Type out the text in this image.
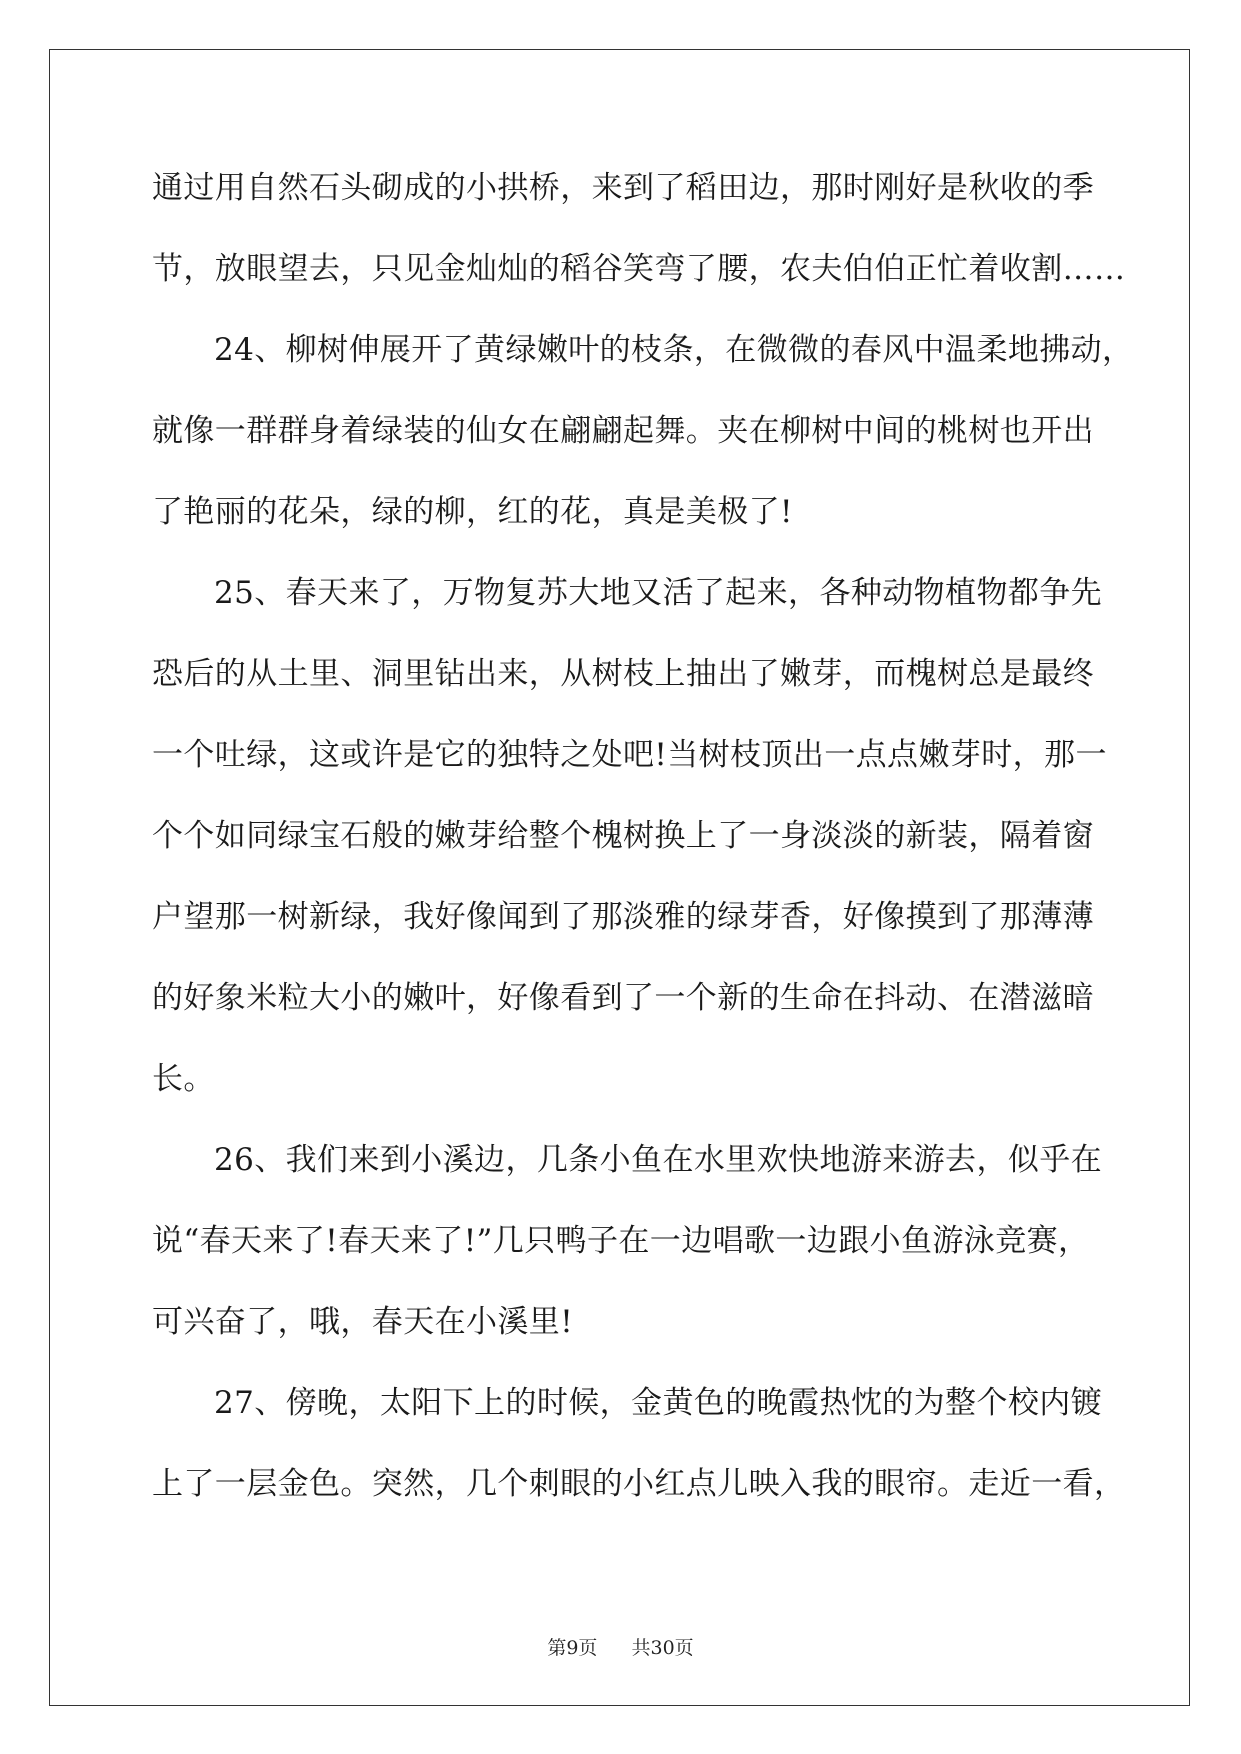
通过用自然石头砌成的小拱桥，来到了稻田边，那时刚好是秋收的季
节，放眼望去，只见金灿灿的稻谷笑弯了腰，农夫伯伯正忙着收割……
24、柳树伸展开了黄绿嫩叶的枝条，在微微的春风中温柔地拂动，
就像一群群身着绿装的仙女在翩翩起舞。夹在柳树中间的桃树也开出
了艳丽的花朵，绿的柳，红的花，真是美极了!
25、春天来了，万物复苏大地又活了起来，各种动物植物都争先
恐后的从土里、洞里钻出来，从树枝上抽出了嫩芽，而槐树总是最终
一个吐绿，这或许是它的独特之处吧!当树枝顶出一点点嫩芽时，那一
个个如同绿宝石般的嫩芽给整个槐树换上了一身淡淡的新装，隔着窗
户望那一树新绿，我好像闻到了那淡雅的绿芽香，好像摸到了那薄薄
的好象米粒大小的嫩叶，好像看到了一个新的生命在抖动、在潜滋暗
长。
26、我们来到小溪边，几条小鱼在水里欢快地游来游去，似乎在
说“春天来了!春天来了!”几只鸭子在一边唱歌一边跟小鱼游泳竞赛，
可兴奋了，哦，春天在小溪里!
27、傍晚，太阳下上的时候，金黄色的晚霞热忱的为整个校内镀
上了一层金色。突然，几个刺眼的小红点儿映入我的眼帘。走近一看，
第9页 共30页
